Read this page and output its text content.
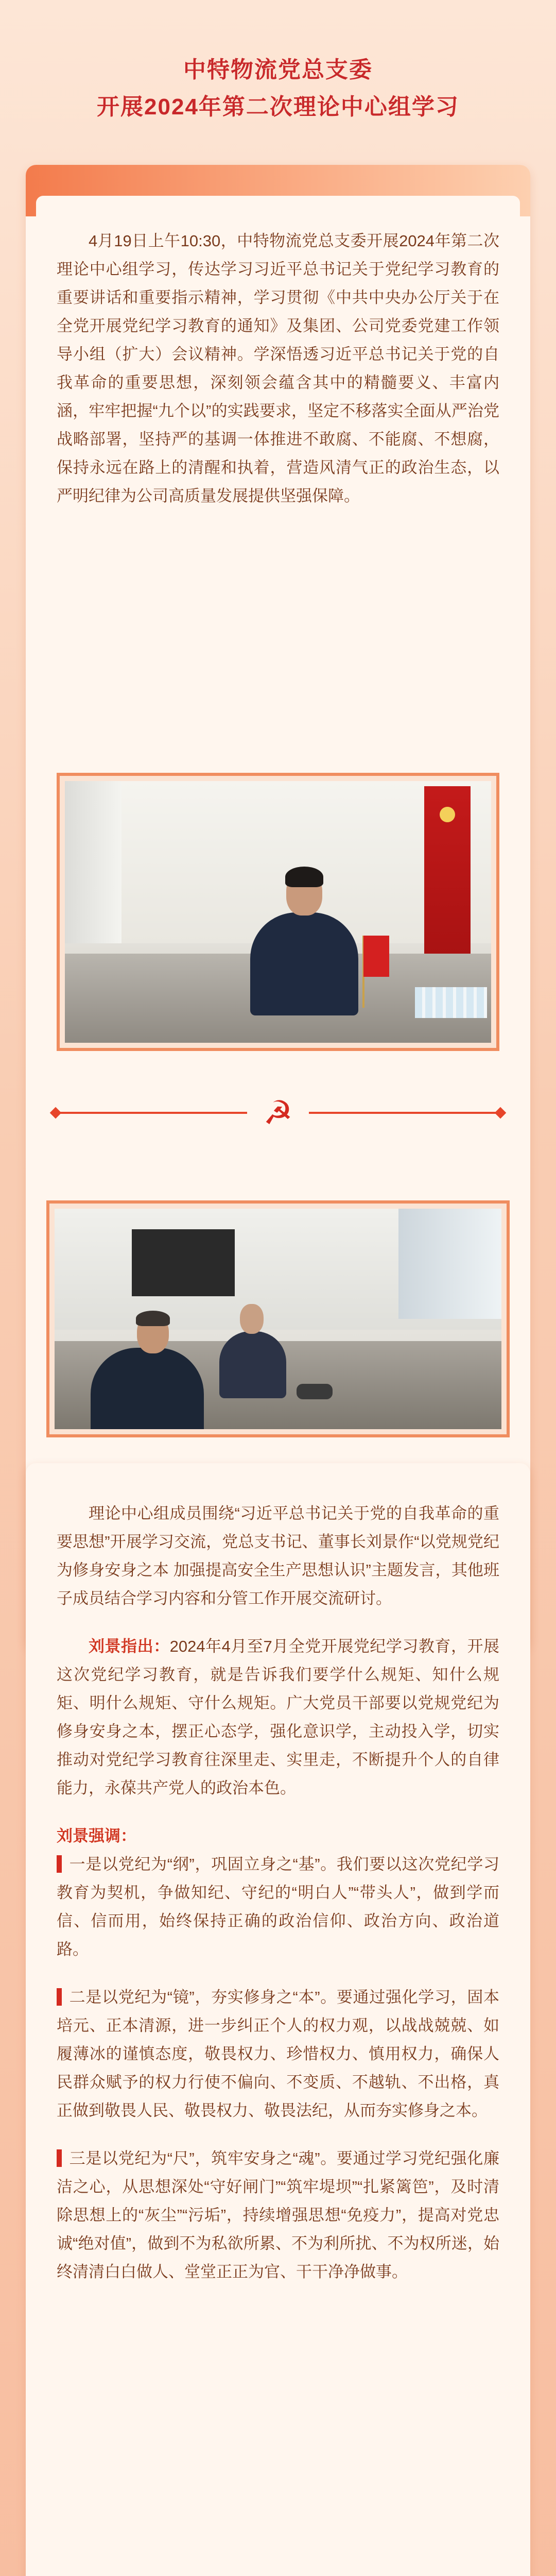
中特物流党总支委
开展2024年第二次理论中心组学习

4月19日上午10:30，中特物流党总支委开展2024年第二次理论中心组学习，传达学习习近平总书记关于党纪学习教育的重要讲话和重要指示精神，学习贯彻《中共中央办公厅关于在全党开展党纪学习教育的通知》及集团、公司党委党建工作领导小组（扩大）会议精神。学深悟透习近平总书记关于党的自我革命的重要思想，深刻领会蕴含其中的精髓要义、丰富内涵，牢牢把握“九个以”的实践要求，坚定不移落实全面从严治党战略部署，坚持严的基调一体推进不敢腐、不能腐、不想腐，保持永远在路上的清醒和执着，营造风清气正的政治生态，以严明纪律为公司高质量发展提供坚强保障。

☭

理论中心组成员围绕“习近平总书记关于党的自我革命的重要思想”开展学习交流，党总支书记、董事长刘景作“以党规党纪为修身安身之本 加强提高安全生产思想认识”主题发言，其他班子成员结合学习内容和分管工作开展交流研讨。

刘景指出：2024年4月至7月全党开展党纪学习教育，开展这次党纪学习教育，就是告诉我们要学什么规矩、知什么规矩、明什么规矩、守什么规矩。广大党员干部要以党规党纪为修身安身之本，摆正心态学，强化意识学，主动投入学，切实推动对党纪学习教育往深里走、实里走，不断提升个人的自律能力，永葆共产党人的政治本色。

刘景强调：

一是以党纪为“纲”，巩固立身之“基”。我们要以这次党纪学习教育为契机，争做知纪、守纪的“明白人”“带头人”，做到学而信、信而用，始终保持正确的政治信仰、政治方向、政治道路。

二是以党纪为“镜”，夯实修身之“本”。要通过强化学习，固本培元、正本清源，进一步纠正个人的权力观，以战战兢兢、如履薄冰的谨慎态度，敬畏权力、珍惜权力、慎用权力，确保人民群众赋予的权力行使不偏向、不变质、不越轨、不出格，真正做到敬畏人民、敬畏权力、敬畏法纪，从而夯实修身之本。

三是以党纪为“尺”，筑牢安身之“魂”。要通过学习党纪强化廉洁之心，从思想深处“守好闸门”“筑牢堤坝”“扎紧篱笆”，及时清除思想上的“灰尘”“污垢”，持续增强思想“免疫力”，提高对党忠诚“绝对值”，做到不为私欲所累、不为利所扰、不为权所迷，始终清清白白做人、堂堂正正为官、干干净净做事。
